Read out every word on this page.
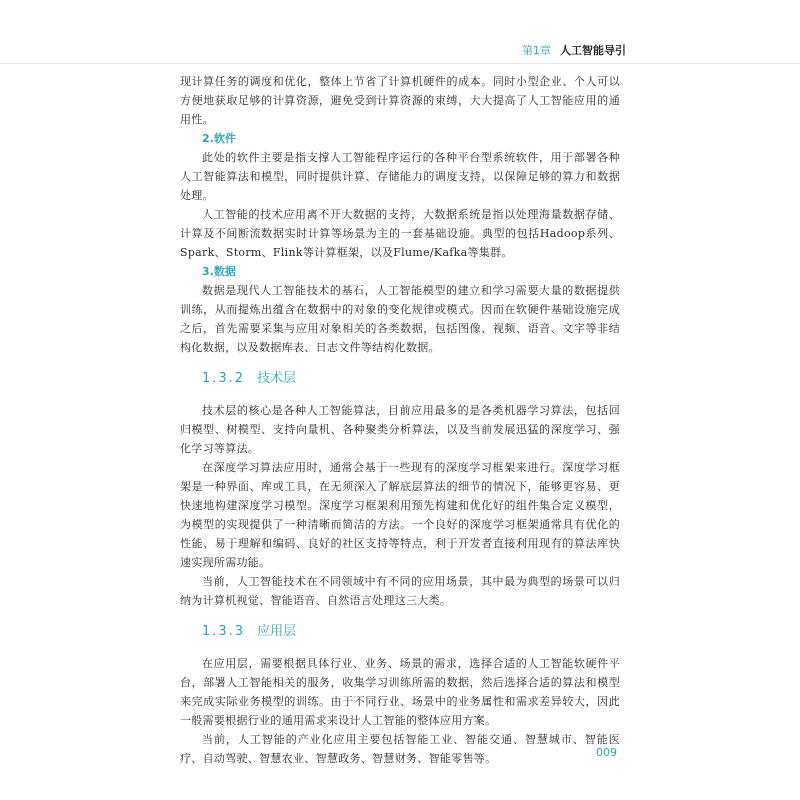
第1章 人工智能导引

现计算任务的调度和优化，整体上节省了计算机硬件的成本。同时小型企业、个人可以方便地获取足够的计算资源，避免受到计算资源的束缚，大大提高了人工智能应用的通用性。

2.软件

此处的软件主要是指支撑人工智能程序运行的各种平台型系统软件，用于部署各种人工智能算法和模型，同时提供计算、存储能力的调度支持，以保障足够的算力和数据处理。

人工智能的技术应用离不开大数据的支持，大数据系统是指以处理海量数据存储、计算及不间断流数据实时计算等场景为主的一套基础设施。典型的包括Hadoop系列、Spark、Storm、Flink等计算框架，以及Flume/Kafka等集群。

3.数据

数据是现代人工智能技术的基石，人工智能模型的建立和学习需要大量的数据提供训练，从而提炼出蕴含在数据中的对象的变化规律或模式。因而在软硬件基础设施完成之后，首先需要采集与应用对象相关的各类数据，包括图像、视频、语音、文字等非结构化数据，以及数据库表、日志文件等结构化数据。

1.3.2 技术层

技术层的核心是各种人工智能算法，目前应用最多的是各类机器学习算法，包括回归模型、树模型、支持向量机、各种聚类分析算法，以及当前发展迅猛的深度学习、强化学习等算法。

在深度学习算法应用时，通常会基于一些现有的深度学习框架来进行。深度学习框架是一种界面、库或工具，在无须深入了解底层算法的细节的情况下，能够更容易、更快速地构建深度学习模型。深度学习框架利用预先构建和优化好的组件集合定义模型，为模型的实现提供了一种清晰而简洁的方法。一个良好的深度学习框架通常具有优化的性能、易于理解和编码、良好的社区支持等特点，利于开发者直接利用现有的算法库快速实现所需功能。

当前，人工智能技术在不同领域中有不同的应用场景，其中最为典型的场景可以归纳为计算机视觉、智能语音、自然语言处理这三大类。

1.3.3 应用层

在应用层，需要根据具体行业、业务、场景的需求，选择合适的人工智能软硬件平台，部署人工智能相关的服务，收集学习训练所需的数据，然后选择合适的算法和模型来完成实际业务模型的训练。由于不同行业、场景中的业务属性和需求差异较大，因此一般需要根据行业的通用需求来设计人工智能的整体应用方案。

当前，人工智能的产业化应用主要包括智能工业、智能交通、智慧城市、智能医疗、自动驾驶、智慧农业、智慧政务、智慧财务、智能零售等。	009
